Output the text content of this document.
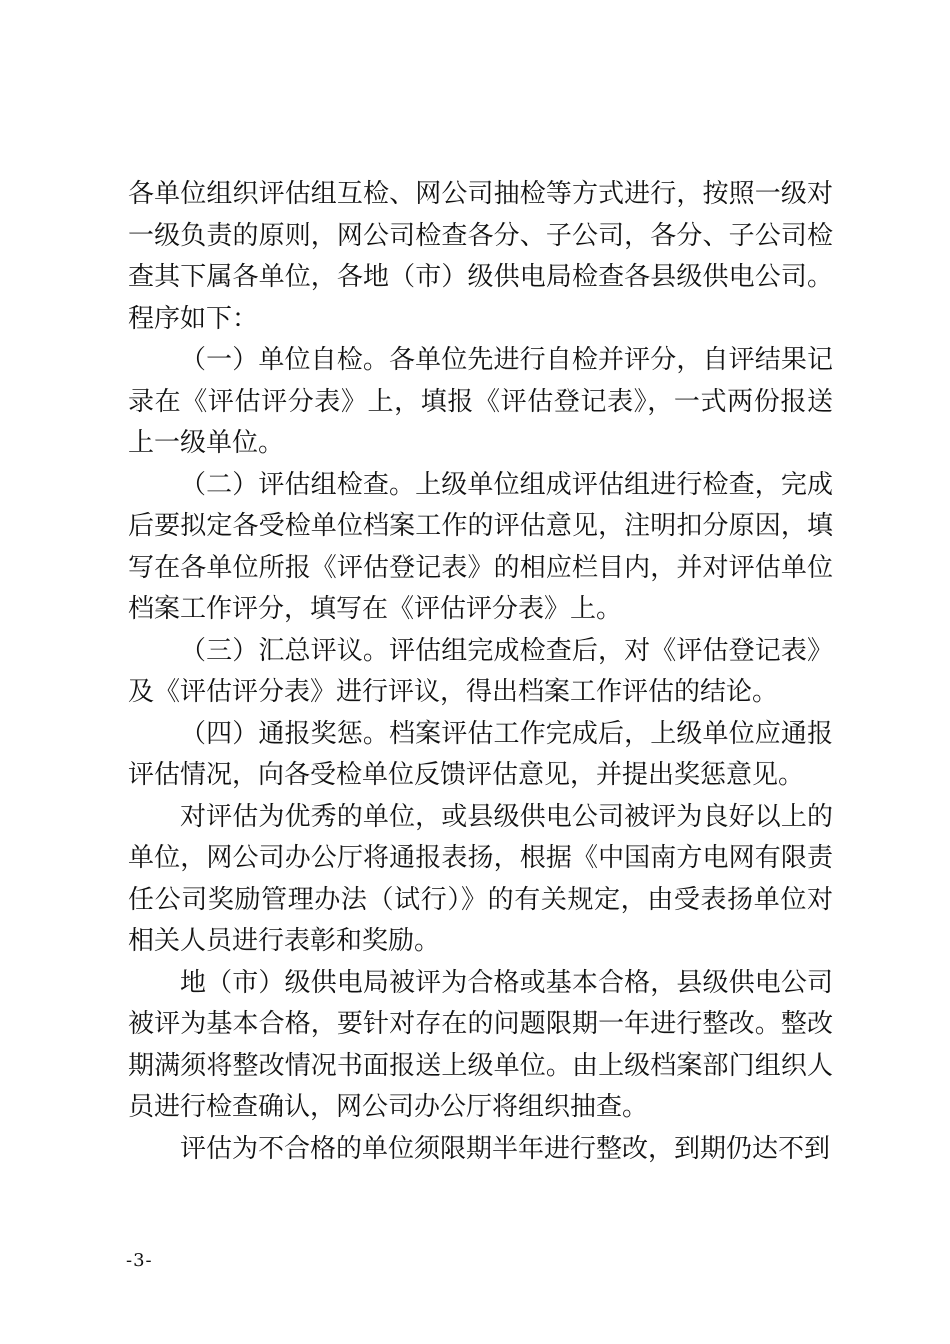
各单位组织评估组互检、网公司抽检等方式进行，按照一级对一级负责的原则，网公司检查各分、子公司，各分、子公司检查其下属各单位，各地（市）级供电局检查各县级供电公司。程序如下：

（一）单位自检。各单位先进行自检并评分，自评结果记录在《评估评分表》上，填报《评估登记表》，一式两份报送上一级单位。

（二）评估组检查。上级单位组成评估组进行检查，完成后要拟定各受检单位档案工作的评估意见，注明扣分原因，填写在各单位所报《评估登记表》的相应栏目内，并对评估单位档案工作评分，填写在《评估评分表》上。

（三）汇总评议。评估组完成检查后，对《评估登记表》及《评估评分表》进行评议，得出档案工作评估的结论。

（四）通报奖惩。档案评估工作完成后，上级单位应通报评估情况，向各受检单位反馈评估意见，并提出奖惩意见。

对评估为优秀的单位，或县级供电公司被评为良好以上的单位，网公司办公厅将通报表扬，根据《中国南方电网有限责任公司奖励管理办法（试行）》的有关规定，由受表扬单位对相关人员进行表彰和奖励。

地（市）级供电局被评为合格或基本合格，县级供电公司被评为基本合格，要针对存在的问题限期一年进行整改。整改期满须将整改情况书面报送上级单位。由上级档案部门组织人员进行检查确认，网公司办公厅将组织抽查。

评估为不合格的单位须限期半年进行整改，到期仍达不到

-3-
